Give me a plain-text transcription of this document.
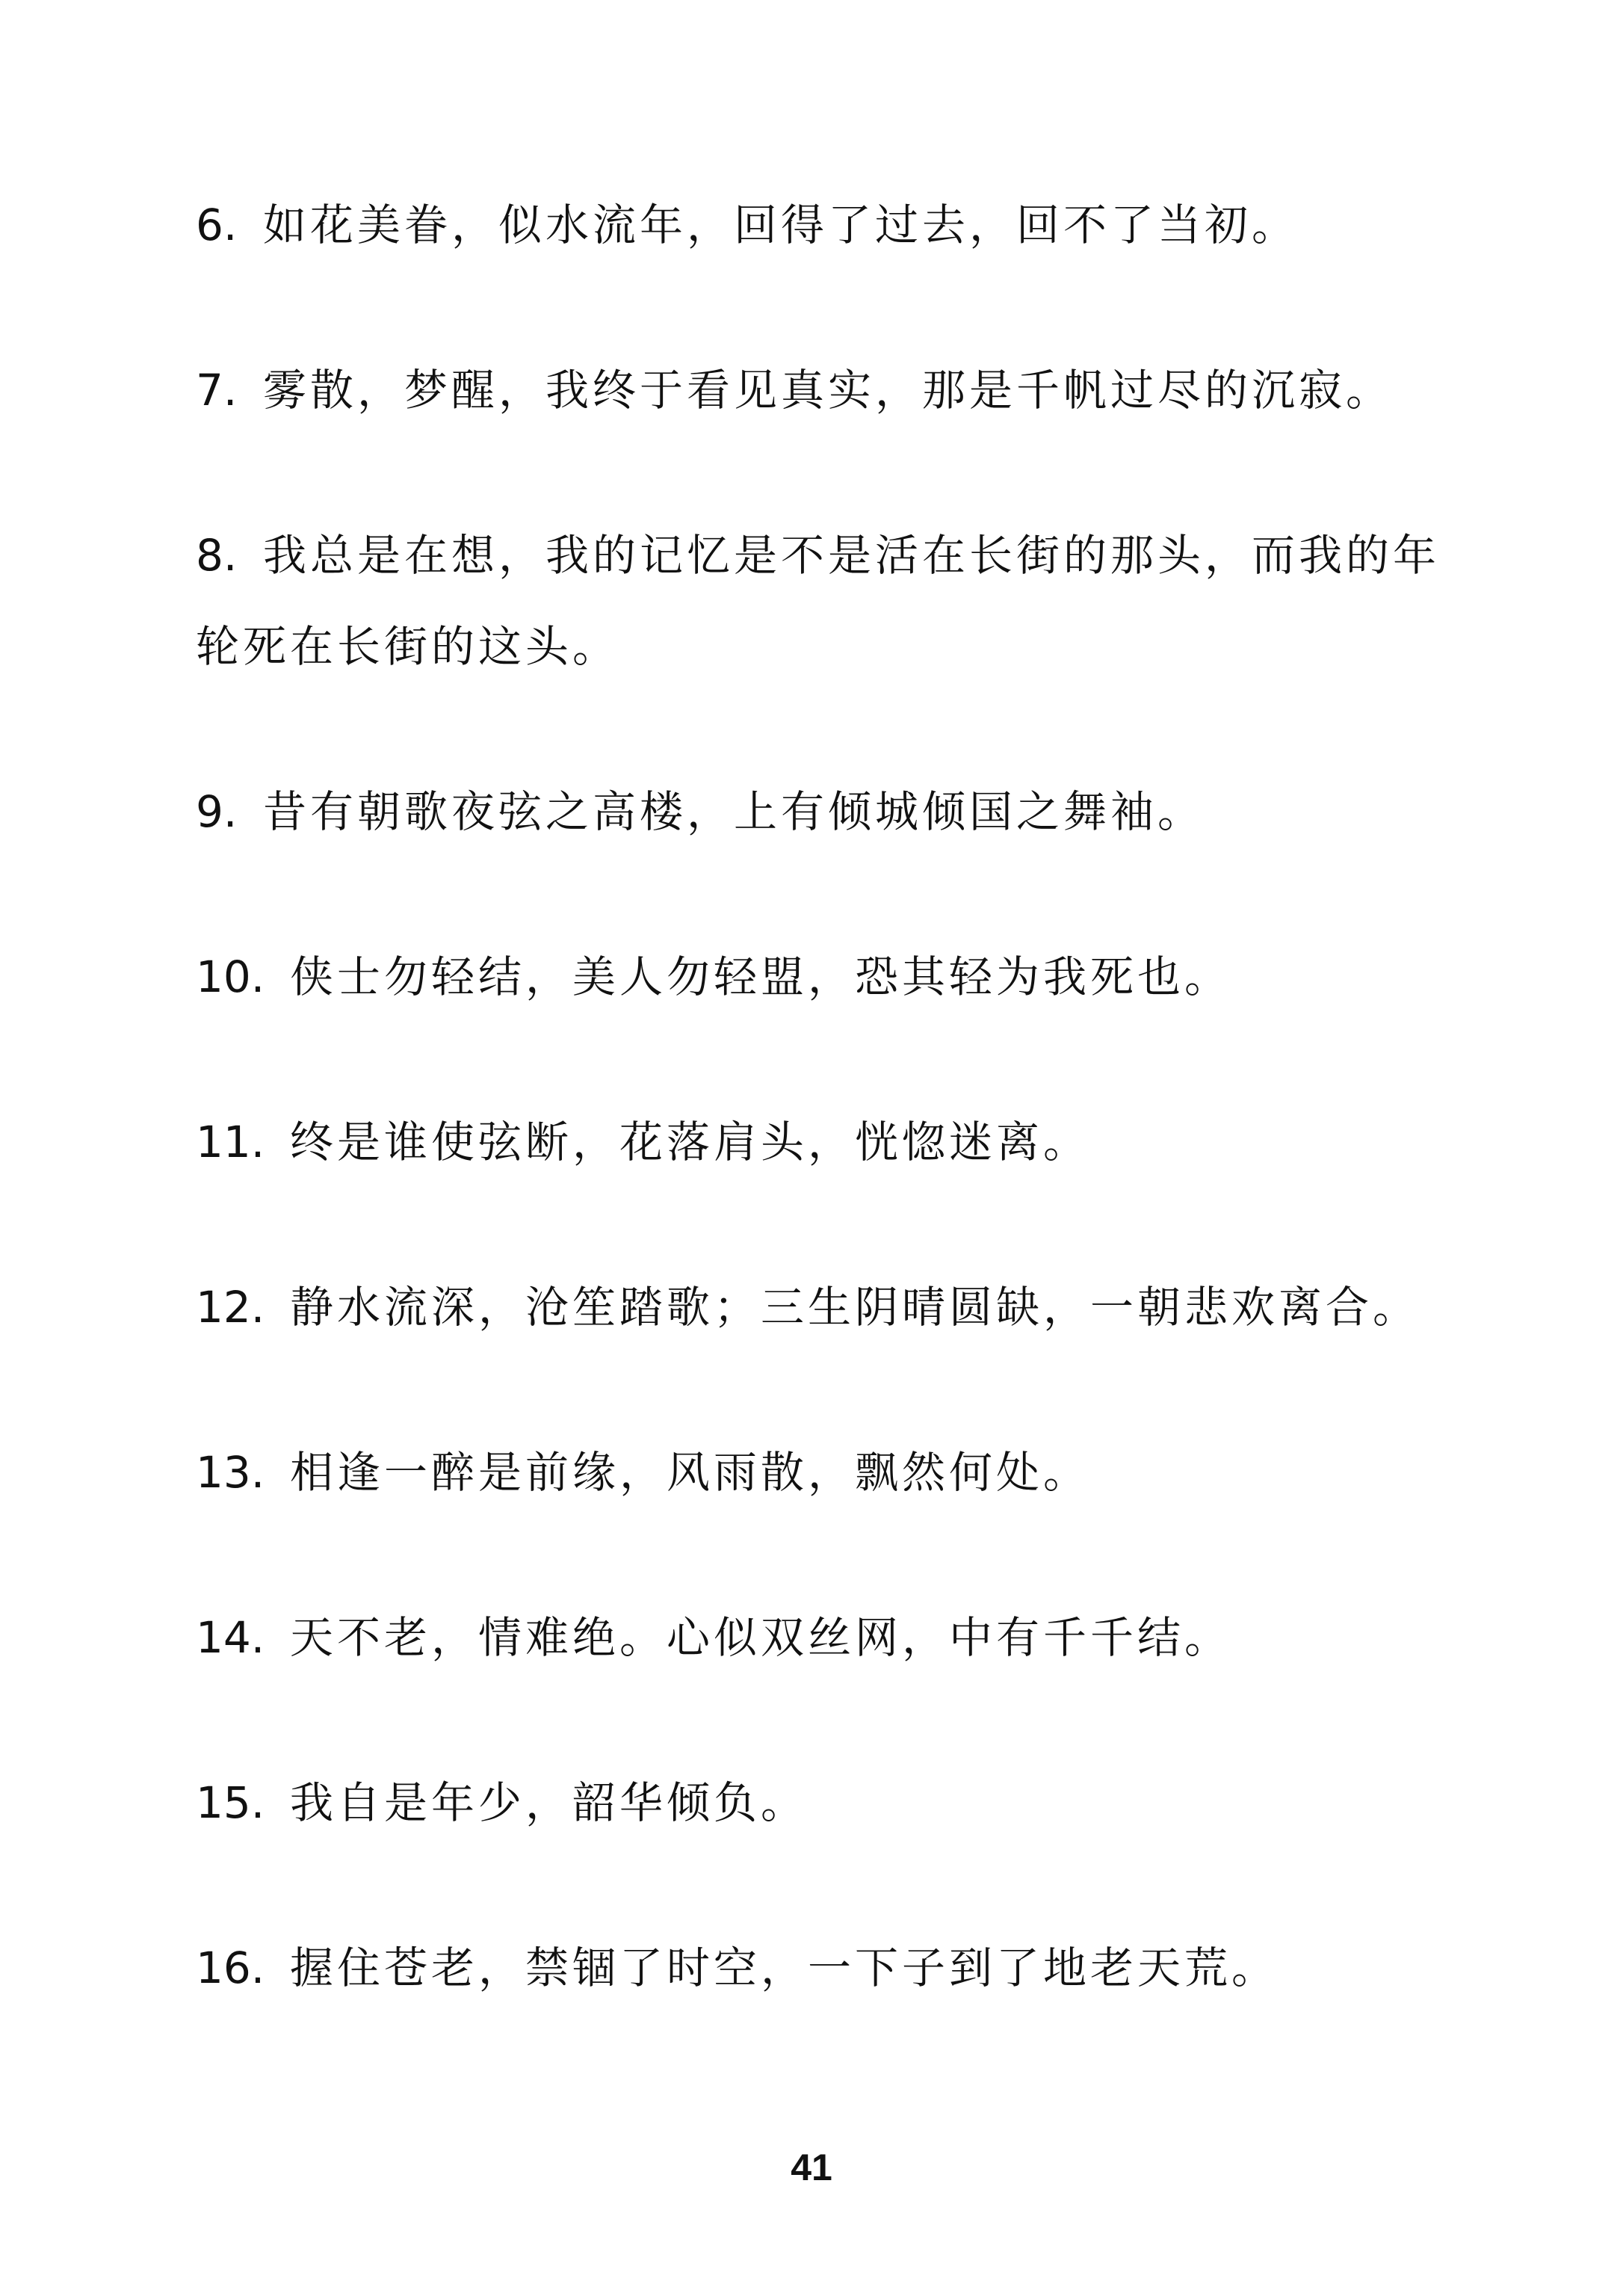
6. 如花美眷，似水流年，回得了过去，回不了当初。
7. 雾散，梦醒，我终于看见真实，那是千帆过尽的沉寂。
8. 我总是在想，我的记忆是不是活在长街的那头，而我的年轮死在长街的这头。
9. 昔有朝歌夜弦之高楼，上有倾城倾国之舞袖。
10. 侠士勿轻结，美人勿轻盟，恐其轻为我死也。
11. 终是谁使弦断，花落肩头，恍惚迷离。
12. 静水流深，沧笙踏歌；三生阴晴圆缺，一朝悲欢离合。
13. 相逢一醉是前缘，风雨散，飘然何处。
14. 天不老，情难绝。心似双丝网，中有千千结。
15. 我自是年少，韶华倾负。
16. 握住苍老，禁锢了时空，一下子到了地老天荒。
41
